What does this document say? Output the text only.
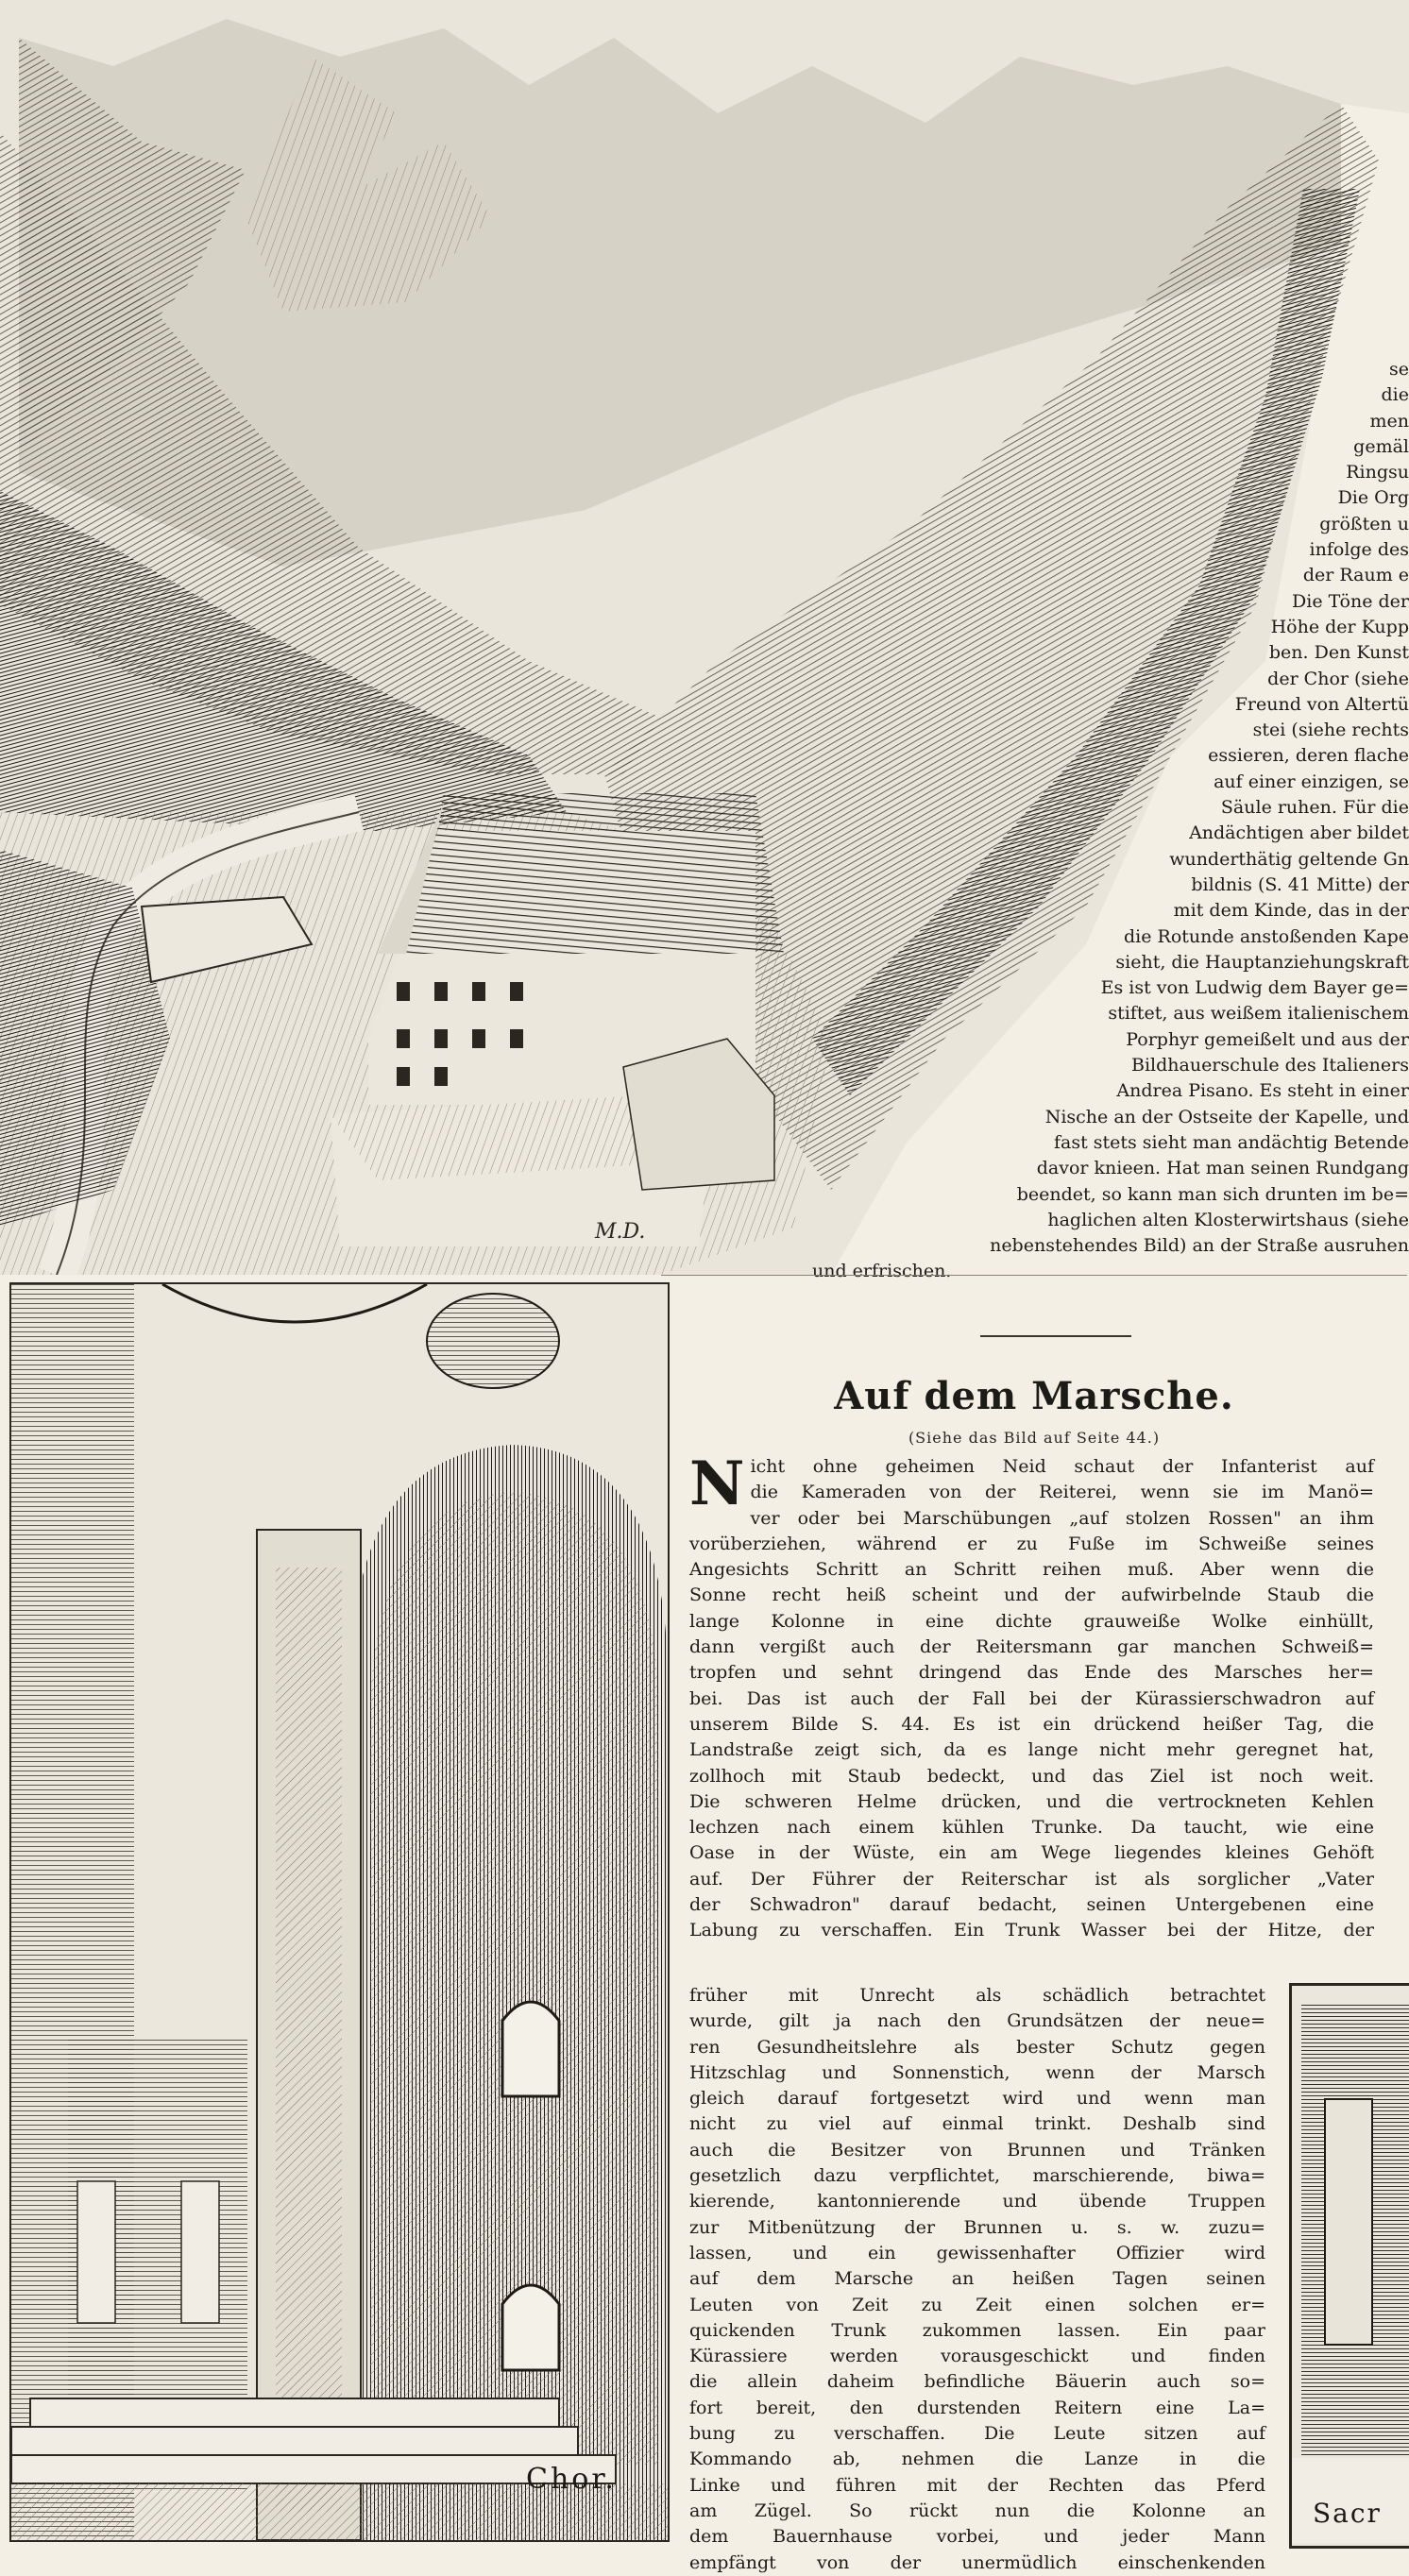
M.D.
se
die
men
gemäl
Ringsu
Die Org
größten u
infolge des
der Raum e
Die Töne der
Höhe der Kupp
ben. Den Kunst
der Chor (siehe
Freund von Altertü
stei (siehe rechts
essieren, deren flache
auf einer einzigen, se
Säule ruhen. Für die
Andächtigen aber bildet
wunderthätig geltende Gn
bildnis (S. 41 Mitte) der
mit dem Kinde, das in der
die Rotunde anstoßenden Kape
sieht, die Hauptanziehungskraft
Es ist von Ludwig dem Bayer ge=
stiftet, aus weißem italienischem
Porphyr gemeißelt und aus der
Bildhauerschule des Italieners
Andrea Pisano. Es steht in einer
Nische an der Ostseite der Kapelle, und
fast stets sieht man andächtig Betende
davor knieen. Hat man seinen Rundgang
beendet, so kann man sich drunten im be=
haglichen alten Klosterwirtshaus (siehe
nebenstehendes Bild) an der Straße ausruhen
und erfrischen.
Chor.
Sacr
Auf dem Marsche.
(Siehe das Bild auf Seite 44.)
N icht ohne geheimen Neid schaut der Infanterist auf
die Kameraden von der Reiterei, wenn sie im Manö=
ver oder bei Marschübungen „auf stolzen Rossen" an ihm
vorüberziehen, während er zu Fuße im Schweiße seines
Angesichts Schritt an Schritt reihen muß. Aber wenn die
Sonne recht heiß scheint und der aufwirbelnde Staub die
lange Kolonne in eine dichte grauweiße Wolke einhüllt,
dann vergißt auch der Reitersmann gar manchen Schweiß=
tropfen und sehnt dringend das Ende des Marsches her=
bei. Das ist auch der Fall bei der Kürassierschwadron auf
unserem Bilde S. 44. Es ist ein drückend heißer Tag, die
Landstraße zeigt sich, da es lange nicht mehr geregnet hat,
zollhoch mit Staub bedeckt, und das Ziel ist noch weit.
Die schweren Helme drücken, und die vertrockneten Kehlen
lechzen nach einem kühlen Trunke. Da taucht, wie eine
Oase in der Wüste, ein am Wege liegendes kleines Gehöft
auf. Der Führer der Reiterschar ist als sorglicher „Vater
der Schwadron" darauf bedacht, seinen Untergebenen eine
Labung zu verschaffen. Ein Trunk Wasser bei der Hitze, der
früher mit Unrecht als schädlich betrachtet
wurde, gilt ja nach den Grundsätzen der neue=
ren Gesundheitslehre als bester Schutz gegen
Hitzschlag und Sonnenstich, wenn der Marsch
gleich darauf fortgesetzt wird und wenn man
nicht zu viel auf einmal trinkt. Deshalb sind
auch die Besitzer von Brunnen und Tränken
gesetzlich dazu verpflichtet, marschierende, biwa=
kierende, kantonnierende und übende Truppen
zur Mitbenützung der Brunnen u. s. w. zuzu=
lassen, und ein gewissenhafter Offizier wird
auf dem Marsche an heißen Tagen seinen
Leuten von Zeit zu Zeit einen solchen er=
quickenden Trunk zukommen lassen. Ein paar
Kürassiere werden vorausgeschickt und finden
die allein daheim befindliche Bäuerin auch so=
fort bereit, den durstenden Reitern eine La=
bung zu verschaffen. Die Leute sitzen auf
Kommando ab, nehmen die Lanze in die
Linke und führen mit der Rechten das Pferd
am Zügel. So rückt nun die Kolonne an
dem Bauernhause vorbei, und jeder Mann
empfängt von der unermüdlich einschenkenden
